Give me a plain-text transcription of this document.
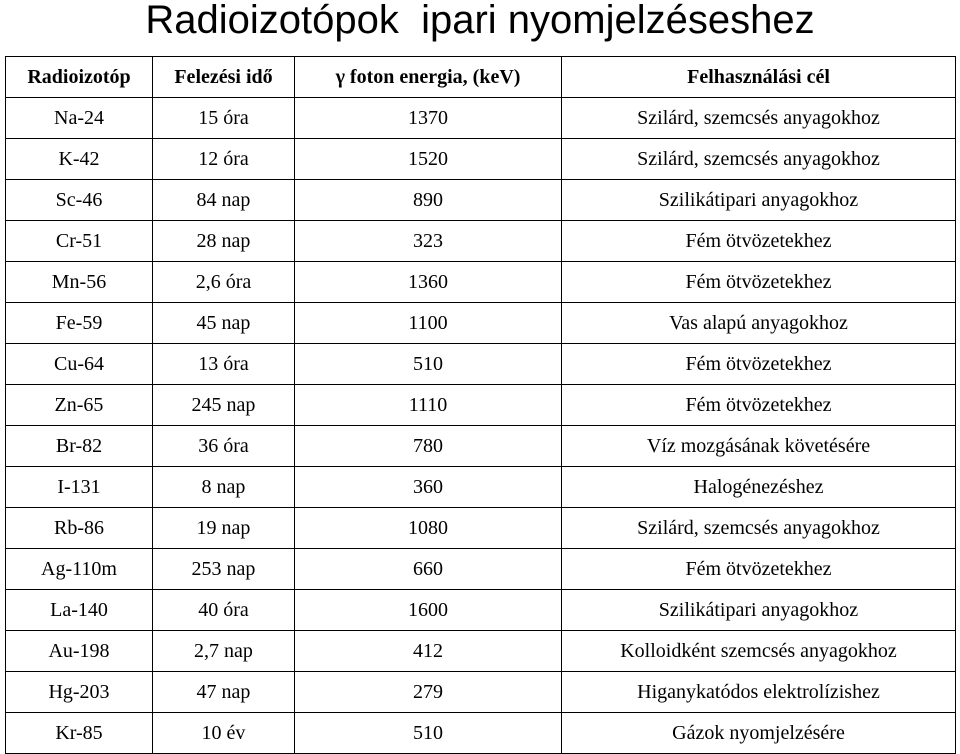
Radioizotópok  ipari nyomjelzéseshez
Radioizotóp	Felezési idő	γ foton energia, (keV)	Felhasználási cél
Na-24	15 óra	1370	Szilárd, szemcsés anyagokhoz
K-42	12 óra	1520	Szilárd, szemcsés anyagokhoz
Sc-46	84 nap	890	Szilikátipari anyagokhoz
Cr-51	28 nap	323	Fém ötvözetekhez
Mn-56	2,6 óra	1360	Fém ötvözetekhez
Fe-59	45 nap	1100	Vas alapú anyagokhoz
Cu-64	13 óra	510	Fém ötvözetekhez
Zn-65	245 nap	1110	Fém ötvözetekhez
Br-82	36 óra	780	Víz mozgásának követésére
I-131	8 nap	360	Halogénezéshez
Rb-86	19 nap	1080	Szilárd, szemcsés anyagokhoz
Ag-110m	253 nap	660	Fém ötvözetekhez
La-140	40 óra	1600	Szilikátipari anyagokhoz
Au-198	2,7 nap	412	Kolloidként szemcsés anyagokhoz
Hg-203	47 nap	279	Higanykatódos elektrolízishez
Kr-85	10 év	510	Gázok nyomjelzésére
